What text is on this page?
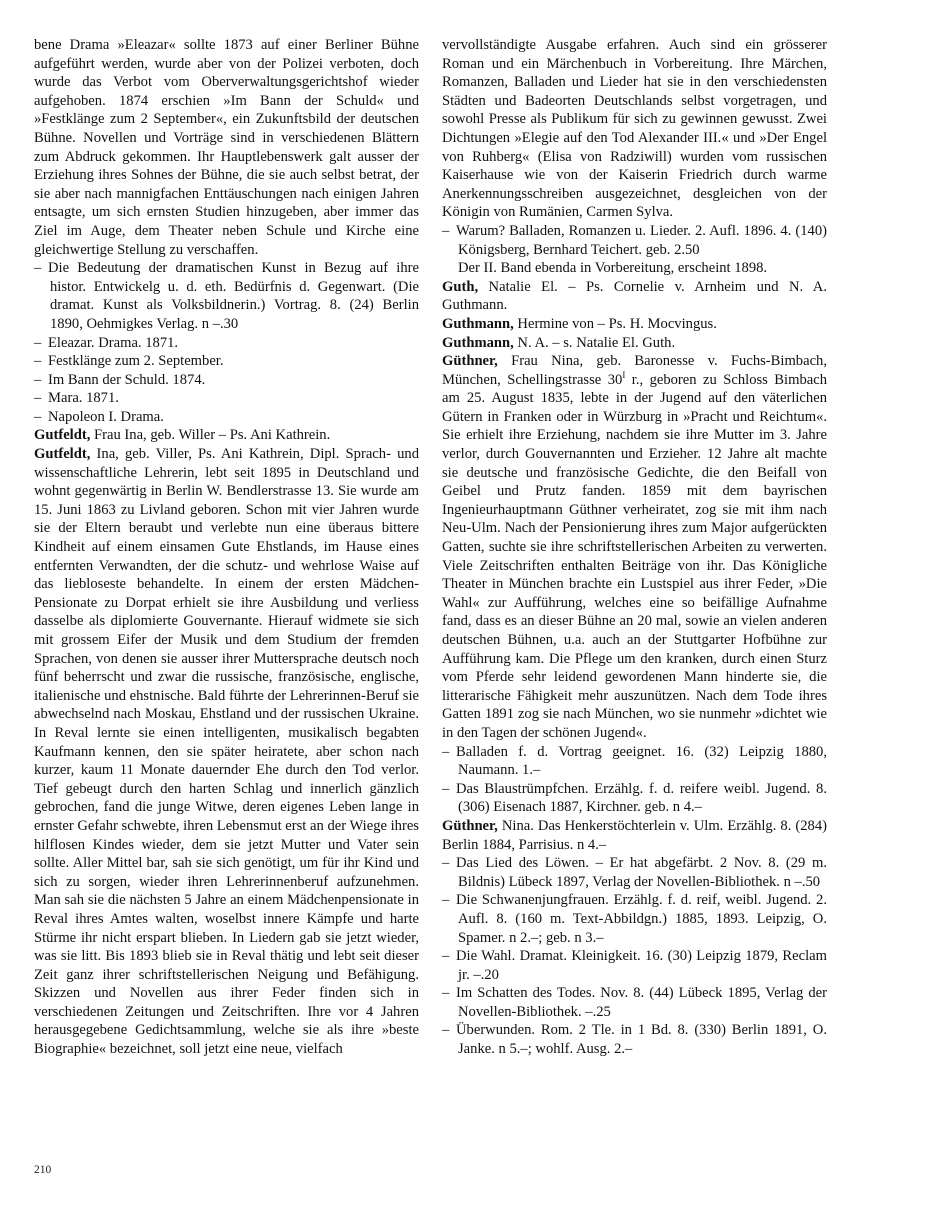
bene Drama »Eleazar« sollte 1873 auf einer Berliner Bühne aufgeführt werden, wurde aber von der Polizei verboten, doch wurde das Verbot vom Oberverwaltungsgerichtshof wieder aufgehoben. 1874 erschien »Im Bann der Schuld« und »Festklänge zum 2 September«, ein Zukunftsbild der deutschen Bühne. Novellen und Vorträge sind in verschiedenen Blättern zum Abdruck gekommen. Ihr Hauptlebenswerk galt ausser der Erziehung ihres Sohnes der Bühne, die sie auch selbst betrat, der sie aber nach mannigfachen Enttäuschungen nach einigen Jahren entsagte, um sich ernsten Studien hinzugeben, aber immer das Ziel im Auge, dem Theater neben Schule und Kirche eine gleichwertige Stellung zu verschaffen.

– Die Bedeutung der dramatischen Kunst in Bezug auf ihre histor. Entwickelg u. d. eth. Bedürfnis d. Gegenwart. (Die dramat. Kunst als Volksbildnerin.) Vortrag. 8. (24) Berlin 1890, Oehmigkes Verlag. n –.30

– Eleazar. Drama. 1871.

– Festklänge zum 2. September.

– Im Bann der Schuld. 1874.

– Mara. 1871.

– Napoleon I. Drama.

Gutfeldt, Frau Ina, geb. Willer – Ps. Ani Kathrein.

Gutfeldt, Ina, geb. Viller, Ps. Ani Kathrein, Dipl. Sprach- und wissenschaftliche Lehrerin, lebt seit 1895 in Deutschland und wohnt gegenwärtig in Berlin W. Bendlerstrasse 13. Sie wurde am 15. Juni 1863 zu Livland geboren. Schon mit vier Jahren wurde sie der Eltern beraubt und verlebte nun eine überaus bittere Kindheit auf einem einsamen Gute Ehstlands, im Hause eines entfernten Verwandten, der die schutz- und wehrlose Waise auf das liebloseste behandelte. In einem der ersten Mädchen-Pensionate zu Dorpat erhielt sie ihre Ausbildung und verliess dasselbe als diplomierte Gouvernante. Hierauf widmete sie sich mit grossem Eifer der Musik und dem Studium der fremden Sprachen, von denen sie ausser ihrer Muttersprache deutsch noch fünf beherrscht und zwar die russische, französische, englische, italienische und ehstnische. Bald führte der Lehrerinnen-Beruf sie abwechselnd nach Moskau, Ehstland und der russischen Ukraine. In Reval lernte sie einen intelligenten, musikalisch begabten Kaufmann kennen, den sie später heiratete, aber schon nach kurzer, kaum 11 Monate dauernder Ehe durch den Tod verlor. Tief gebeugt durch den harten Schlag und innerlich gänzlich gebrochen, fand die junge Witwe, deren eigenes Leben lange in ernster Gefahr schwebte, ihren Lebensmut erst an der Wiege ihres hilflosen Kindes wieder, dem sie jetzt Mutter und Vater sein sollte. Aller Mittel bar, sah sie sich genötigt, um für ihr Kind und sich zu sorgen, wieder ihren Lehrerinnenberuf aufzunehmen. Man sah sie die nächsten 5 Jahre an einem Mädchenpensionate in Reval ihres Amtes walten, woselbst innere Kämpfe und harte Stürme ihr nicht erspart blieben. In Liedern gab sie jetzt wieder, was sie litt. Bis 1893 blieb sie in Reval thätig und lebt seit dieser Zeit ganz ihrer schriftstellerischen Neigung und Befähigung. Skizzen und Novellen aus ihrer Feder finden sich in verschiedenen Zeitungen und Zeitschriften. Ihre vor 4 Jahren herausgegebene Gedichtsammlung, welche sie als ihre »beste Biographie« bezeichnet, soll jetzt eine neue, vielfach

vervollständigte Ausgabe erfahren. Auch sind ein grösserer Roman und ein Märchenbuch in Vorbereitung. Ihre Märchen, Romanzen, Balladen und Lieder hat sie in den verschiedensten Städten und Badeorten Deutschlands selbst vorgetragen, und sowohl Presse als Publikum für sich zu gewinnen gewusst. Zwei Dichtungen »Elegie auf den Tod Alexander III.« und »Der Engel von Ruhberg« (Elisa von Radziwill) wurden vom russischen Kaiserhause wie von der Kaiserin Friedrich durch warme Anerkennungsschreiben ausgezeichnet, desgleichen von der Königin von Rumänien, Carmen Sylva.

– Warum? Balladen, Romanzen u. Lieder. 2. Aufl. 1896. 4. (140) Königsberg, Bernhard Teichert. geb. 2.50

Der II. Band ebenda in Vorbereitung, erscheint 1898.

Guth, Natalie El. – Ps. Cornelie v. Arnheim und N. A. Guthmann.

Guthmann, Hermine von – Ps. H. Mocvingus.

Guthmann, N. A. – s. Natalie El. Guth.

Güthner, Frau Nina, geb. Baronesse v. Fuchs-Bimbach, München, Schellingstrasse $30^I$ r., geboren zu Schloss Bimbach am 25. August 1835, lebte in der Jugend auf den väterlichen Gütern in Franken oder in Würzburg in »Pracht und Reichtum«. Sie erhielt ihre Erziehung, nachdem sie ihre Mutter im 3. Jahre verlor, durch Gouvernannten und Erzieher. 12 Jahre alt machte sie deutsche und französische Gedichte, die den Beifall von Geibel und Prutz fanden. 1859 mit dem bayrischen Ingenieurhauptmann Güthner verheiratet, zog sie mit ihm nach Neu-Ulm. Nach der Pensionierung ihres zum Major aufgerückten Gatten, suchte sie ihre schriftstellerischen Arbeiten zu verwerten. Viele Zeitschriften enthalten Beiträge von ihr. Das Königliche Theater in München brachte ein Lustspiel aus ihrer Feder, »Die Wahl« zur Aufführung, welches eine so beifällige Aufnahme fand, dass es an dieser Bühne an 20 mal, sowie an vielen anderen deutschen Bühnen, u.a. auch an der Stuttgarter Hofbühne zur Aufführung kam. Die Pflege um den kranken, durch einen Sturz vom Pferde sehr leidend gewordenen Mann hinderte sie, die litterarische Fähigkeit mehr auszunützen. Nach dem Tode ihres Gatten 1891 zog sie nach München, wo sie nunmehr »dichtet wie in den Tagen der schönen Jugend«.

– Balladen f. d. Vortrag geeignet. 16. (32) Leipzig 1880, Naumann. 1.–

– Das Blaustrümpfchen. Erzählg. f. d. reifere weibl. Jugend. 8. (306) Eisenach 1887, Kirchner. geb. n 4.–

Güthner, Nina. Das Henkerstöchterlein v. Ulm. Erzählg. 8. (284) Berlin 1884, Parrisius. n 4.–

– Das Lied des Löwen. – Er hat abgefärbt. 2 Nov. 8. (29 m. Bildnis) Lübeck 1897, Verlag der Novellen-Bibliothek. n –.50

– Die Schwanenjungfrauen. Erzählg. f. d. reif, weibl. Jugend. 2. Aufl. 8. (160 m. Text-Abbildgn.) 1885, 1893. Leipzig, O. Spamer. n 2.–; geb. n 3.–

– Die Wahl. Dramat. Kleinigkeit. 16. (30) Leipzig 1879, Reclam jr. –.20

– Im Schatten des Todes. Nov. 8. (44) Lübeck 1895, Verlag der Novellen-Bibliothek. –.25

– Überwunden. Rom. 2 Tle. in 1 Bd. 8. (330) Berlin 1891, O. Janke. n 5.–; wohlf. Ausg. 2.–

210
